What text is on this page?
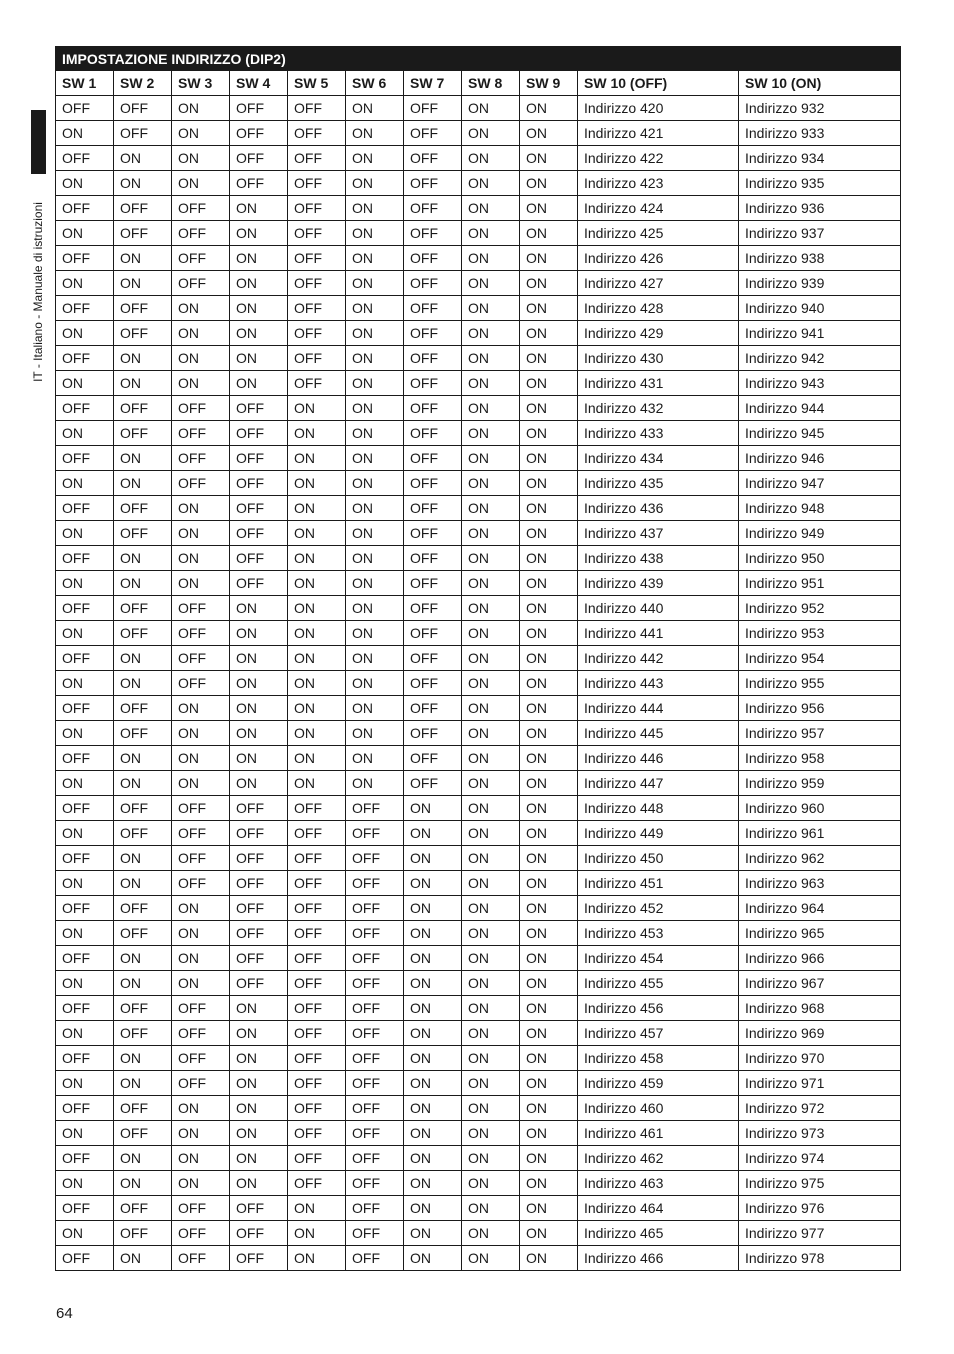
IT - Italiano - Manuale di istruzioni
IMPOSTAZIONE INDIRIZZO (DIP2)										
SW 1	SW 2	SW 3	SW 4	SW 5	SW 6	SW 7	SW 8	SW 9	SW 10 (OFF)	SW 10 (ON)
OFF	OFF	ON	OFF	OFF	ON	OFF	ON	ON	Indirizzo 420	Indirizzo 932
ON	OFF	ON	OFF	OFF	ON	OFF	ON	ON	Indirizzo 421	Indirizzo 933
OFF	ON	ON	OFF	OFF	ON	OFF	ON	ON	Indirizzo 422	Indirizzo 934
ON	ON	ON	OFF	OFF	ON	OFF	ON	ON	Indirizzo 423	Indirizzo 935
OFF	OFF	OFF	ON	OFF	ON	OFF	ON	ON	Indirizzo 424	Indirizzo 936
ON	OFF	OFF	ON	OFF	ON	OFF	ON	ON	Indirizzo 425	Indirizzo 937
OFF	ON	OFF	ON	OFF	ON	OFF	ON	ON	Indirizzo 426	Indirizzo 938
ON	ON	OFF	ON	OFF	ON	OFF	ON	ON	Indirizzo 427	Indirizzo 939
OFF	OFF	ON	ON	OFF	ON	OFF	ON	ON	Indirizzo 428	Indirizzo 940
ON	OFF	ON	ON	OFF	ON	OFF	ON	ON	Indirizzo 429	Indirizzo 941
OFF	ON	ON	ON	OFF	ON	OFF	ON	ON	Indirizzo 430	Indirizzo 942
ON	ON	ON	ON	OFF	ON	OFF	ON	ON	Indirizzo 431	Indirizzo 943
OFF	OFF	OFF	OFF	ON	ON	OFF	ON	ON	Indirizzo 432	Indirizzo 944
ON	OFF	OFF	OFF	ON	ON	OFF	ON	ON	Indirizzo 433	Indirizzo 945
OFF	ON	OFF	OFF	ON	ON	OFF	ON	ON	Indirizzo 434	Indirizzo 946
ON	ON	OFF	OFF	ON	ON	OFF	ON	ON	Indirizzo 435	Indirizzo 947
OFF	OFF	ON	OFF	ON	ON	OFF	ON	ON	Indirizzo 436	Indirizzo 948
ON	OFF	ON	OFF	ON	ON	OFF	ON	ON	Indirizzo 437	Indirizzo 949
OFF	ON	ON	OFF	ON	ON	OFF	ON	ON	Indirizzo 438	Indirizzo 950
ON	ON	ON	OFF	ON	ON	OFF	ON	ON	Indirizzo 439	Indirizzo 951
OFF	OFF	OFF	ON	ON	ON	OFF	ON	ON	Indirizzo 440	Indirizzo 952
ON	OFF	OFF	ON	ON	ON	OFF	ON	ON	Indirizzo 441	Indirizzo 953
OFF	ON	OFF	ON	ON	ON	OFF	ON	ON	Indirizzo 442	Indirizzo 954
ON	ON	OFF	ON	ON	ON	OFF	ON	ON	Indirizzo 443	Indirizzo 955
OFF	OFF	ON	ON	ON	ON	OFF	ON	ON	Indirizzo 444	Indirizzo 956
ON	OFF	ON	ON	ON	ON	OFF	ON	ON	Indirizzo 445	Indirizzo 957
OFF	ON	ON	ON	ON	ON	OFF	ON	ON	Indirizzo 446	Indirizzo 958
ON	ON	ON	ON	ON	ON	OFF	ON	ON	Indirizzo 447	Indirizzo 959
OFF	OFF	OFF	OFF	OFF	OFF	ON	ON	ON	Indirizzo 448	Indirizzo 960
ON	OFF	OFF	OFF	OFF	OFF	ON	ON	ON	Indirizzo 449	Indirizzo 961
OFF	ON	OFF	OFF	OFF	OFF	ON	ON	ON	Indirizzo 450	Indirizzo 962
ON	ON	OFF	OFF	OFF	OFF	ON	ON	ON	Indirizzo 451	Indirizzo 963
OFF	OFF	ON	OFF	OFF	OFF	ON	ON	ON	Indirizzo 452	Indirizzo 964
ON	OFF	ON	OFF	OFF	OFF	ON	ON	ON	Indirizzo 453	Indirizzo 965
OFF	ON	ON	OFF	OFF	OFF	ON	ON	ON	Indirizzo 454	Indirizzo 966
ON	ON	ON	OFF	OFF	OFF	ON	ON	ON	Indirizzo 455	Indirizzo 967
OFF	OFF	OFF	ON	OFF	OFF	ON	ON	ON	Indirizzo 456	Indirizzo 968
ON	OFF	OFF	ON	OFF	OFF	ON	ON	ON	Indirizzo 457	Indirizzo 969
OFF	ON	OFF	ON	OFF	OFF	ON	ON	ON	Indirizzo 458	Indirizzo 970
ON	ON	OFF	ON	OFF	OFF	ON	ON	ON	Indirizzo 459	Indirizzo 971
OFF	OFF	ON	ON	OFF	OFF	ON	ON	ON	Indirizzo 460	Indirizzo 972
ON	OFF	ON	ON	OFF	OFF	ON	ON	ON	Indirizzo 461	Indirizzo 973
OFF	ON	ON	ON	OFF	OFF	ON	ON	ON	Indirizzo 462	Indirizzo 974
ON	ON	ON	ON	OFF	OFF	ON	ON	ON	Indirizzo 463	Indirizzo 975
OFF	OFF	OFF	OFF	ON	OFF	ON	ON	ON	Indirizzo 464	Indirizzo 976
ON	OFF	OFF	OFF	ON	OFF	ON	ON	ON	Indirizzo 465	Indirizzo 977
OFF	ON	OFF	OFF	ON	OFF	ON	ON	ON	Indirizzo 466	Indirizzo 978
64
